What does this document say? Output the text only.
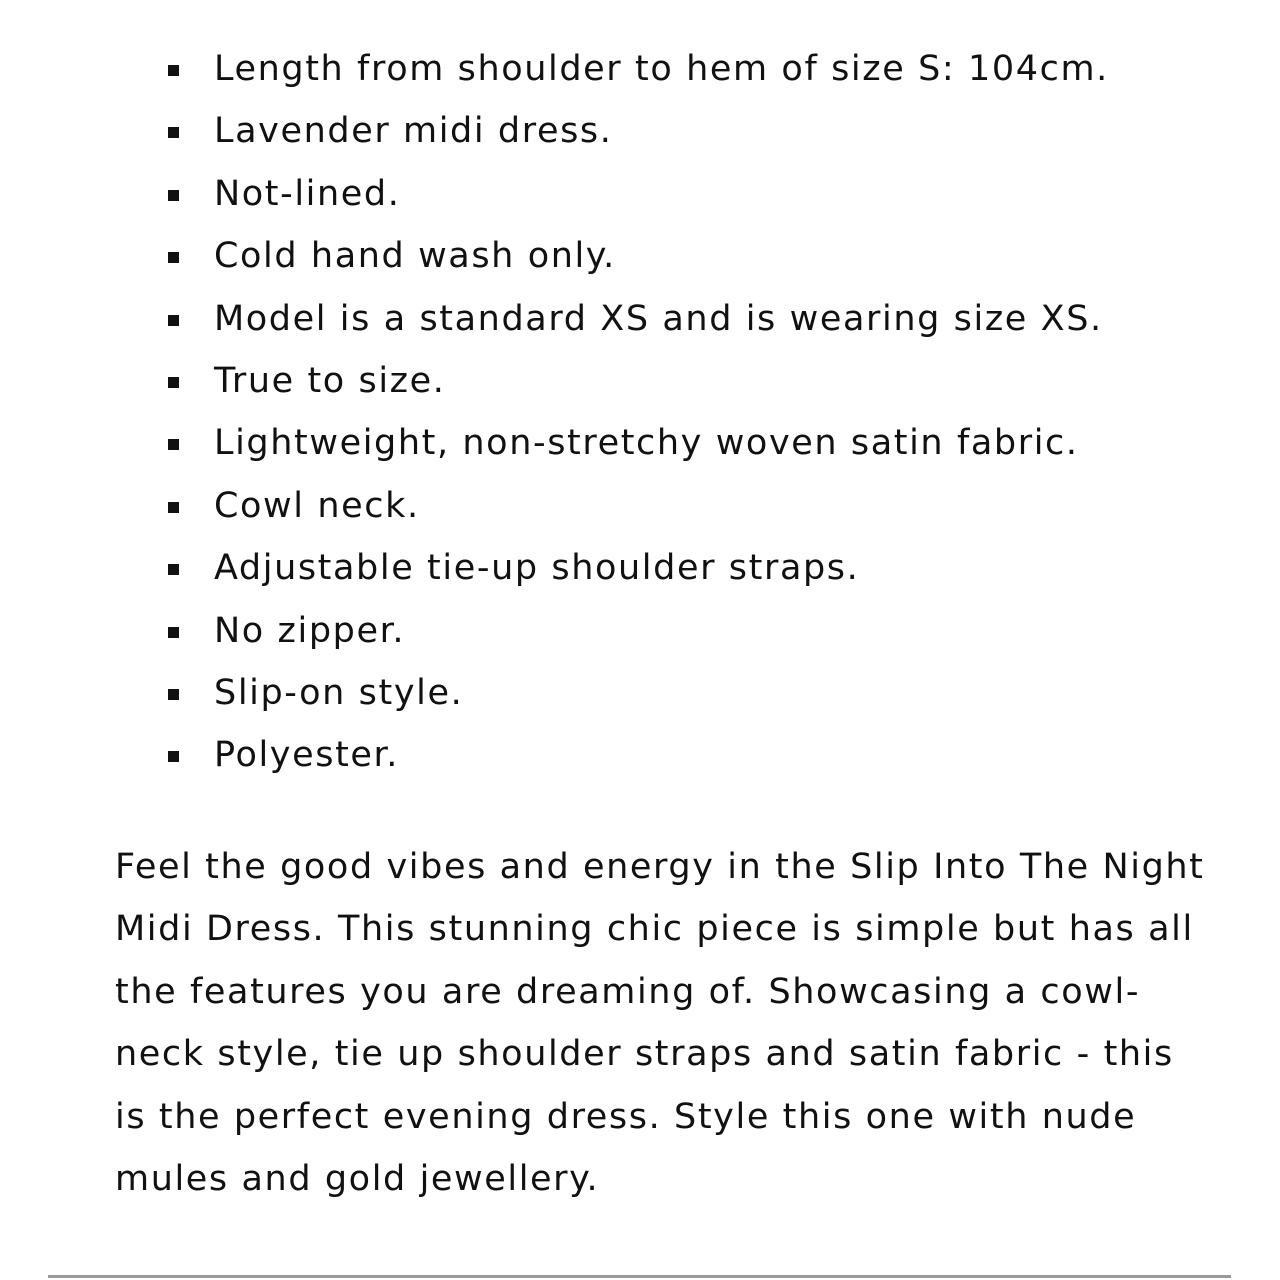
Length from shoulder to hem of size S: 104cm.
Lavender midi dress.
Not-lined.
Cold hand wash only.
Model is a standard XS and is wearing size XS.
True to size.
Lightweight, non-stretchy woven satin fabric.
Cowl neck.
Adjustable tie-up shoulder straps.
No zipper.
Slip-on style.
Polyester.

Feel the good vibes and energy in the Slip Into The Night Midi Dress. This stunning chic piece is simple but has all the features you are dreaming of. Showcasing a cowl-neck style, tie up shoulder straps and satin fabric - this is the perfect evening dress. Style this one with nude mules and gold jewellery.
